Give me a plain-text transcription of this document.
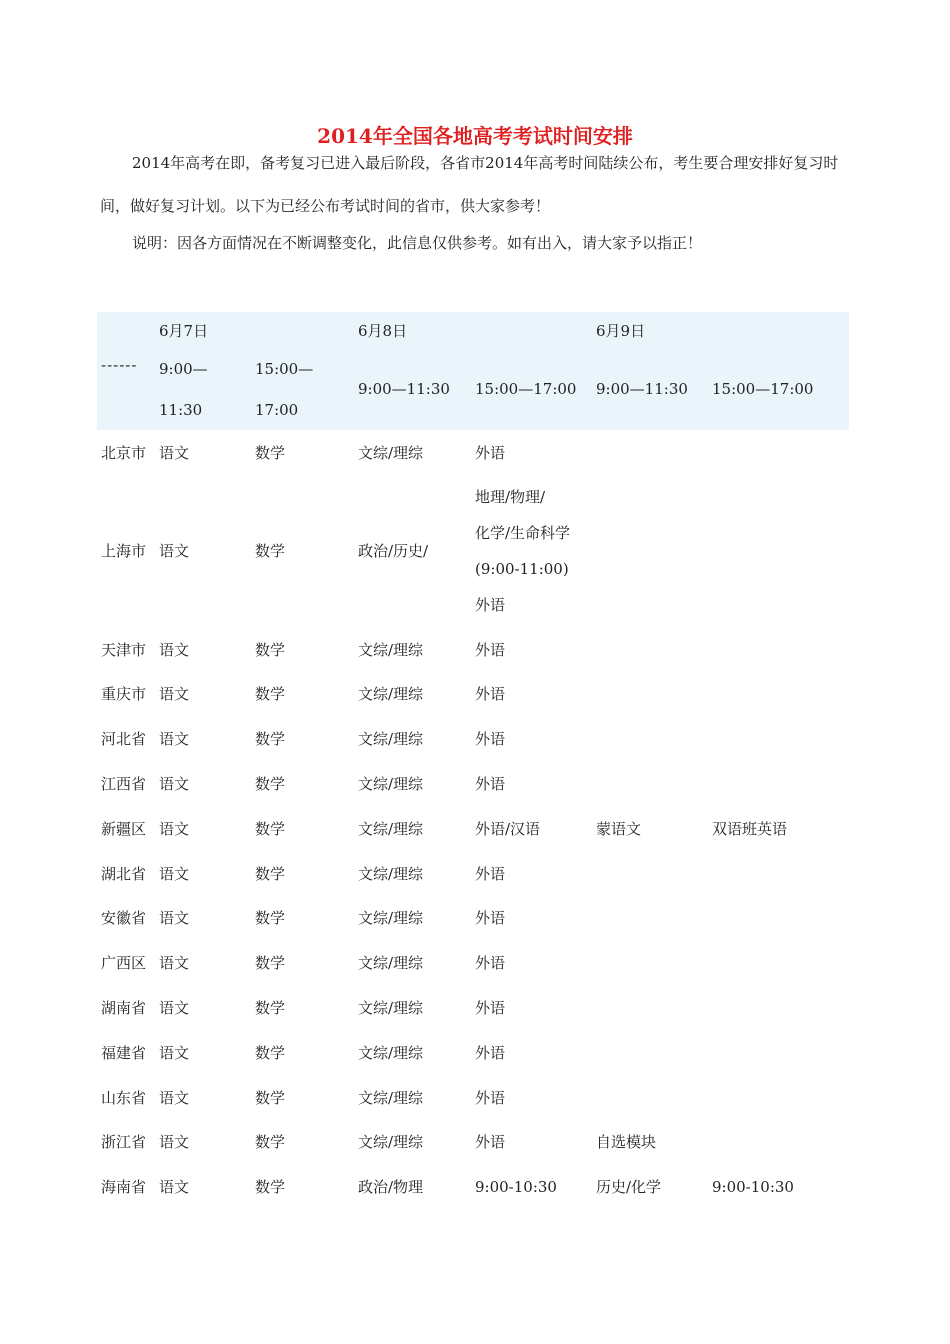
2014年全国各地高考考试时间安排

2014年高考在即，备考复习已进入最后阶段，各省市2014年高考时间陆续公布，考生要合理安排好复习时间，做好复习计划。以下为已经公布考试时间的省市，供大家参考！

说明：因各方面情况在不断调整变化，此信息仅供参考。如有出入，请大家予以指正！

	6月7日		6月8日		6月9日	
------	9:00—	15:00—	9:00—11:30	15:00—17:00	9:00—11:30	15:00—17:00
	11:30	17:00				
北京市	语文	数学	文综/理综	外语		
上海市	语文	数学	政治/历史/	地理/物理/
化学/生命科学
(9:00-11:00)
外语		

天津市	语文	数学	文综/理综	外语		
重庆市	语文	数学	文综/理综	外语		
河北省	语文	数学	文综/理综	外语		
江西省	语文	数学	文综/理综	外语		
新疆区	语文	数学	文综/理综	外语/汉语	蒙语文	双语班英语
湖北省	语文	数学	文综/理综	外语		
安徽省	语文	数学	文综/理综	外语		
广西区	语文	数学	文综/理综	外语		
湖南省	语文	数学	文综/理综	外语		
福建省	语文	数学	文综/理综	外语		
山东省	语文	数学	文综/理综	外语		
浙江省	语文	数学	文综/理综	外语	自选模块	
海南省	语文	数学	政治/物理	9:00-10:30	历史/化学	9:00-10:30
